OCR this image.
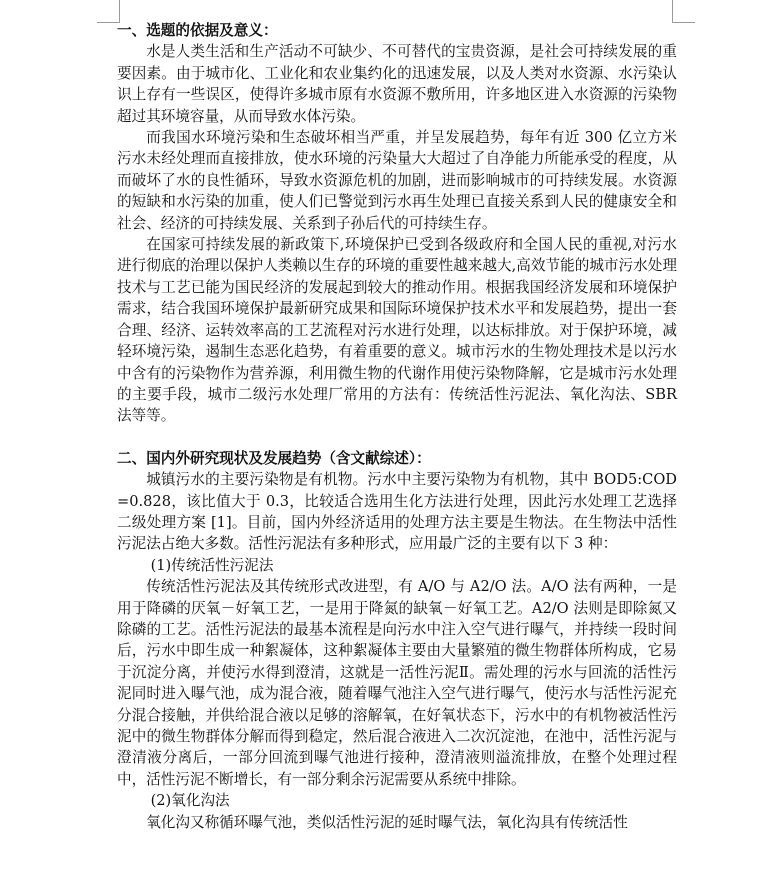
一、选题的依据及意义：

水是人类生活和生产活动不可缺少、不可替代的宝贵资源，是社会可持续发展的重要因素。由于城市化、工业化和农业集约化的迅速发展，以及人类对水资源、水污染认识上存有一些误区，使得许多城市原有水资源不敷所用，许多地区进入水资源的污染物超过其环境容量，从而导致水体污染。

而我国水环境污染和生态破坏相当严重，并呈发展趋势，每年有近 300 亿立方米污水未经处理而直接排放，使水环境的污染量大大超过了自净能力所能承受的程度，从而破坏了水的良性循环，导致水资源危机的加剧，进而影响城市的可持续发展。水资源的短缺和水污染的加重，使人们已警觉到污水再生处理已直接关系到人民的健康安全和社会、经济的可持续发展、关系到子孙后代的可持续生存。

在国家可持续发展的新政策下,环境保护已受到各级政府和全国人民的重视,对污水进行彻底的治理以保护人类赖以生存的环境的重要性越来越大,高效节能的城市污水处理技术与工艺已能为国民经济的发展起到较大的推动作用。根据我国经济发展和环境保护需求，结合我国环境保护最新研究成果和国际环境保护技术水平和发展趋势，提出一套合理、经济、运转效率高的工艺流程对污水进行处理，以达标排放。对于保护环境，减轻环境污染，遏制生态恶化趋势，有着重要的意义。城市污水的生物处理技术是以污水中含有的污染物作为营养源，利用微生物的代谢作用使污染物降解，它是城市污水处理的主要手段，城市二级污水处理厂常用的方法有：传统活性污泥法、氧化沟法、SBR 法等等。

二、国内外研究现状及发展趋势（含文献综述）：

城镇污水的主要污染物是有机物。污水中主要污染物为有机物，其中 BOD5:COD=0.828，该比值大于 0.3，比较适合选用生化方法进行处理，因此污水处理工艺选择二级处理方案 [1]。目前，国内外经济适用的处理方法主要是生物法。在生物法中活性污泥法占绝大多数。活性污泥法有多种形式，应用最广泛的主要有以下 3 种：

(1)传统活性污泥法

传统活性污泥法及其传统形式改进型，有 A/O 与 A2/O 法。A/O 法有两种，一是用于降磷的厌氧－好氧工艺，一是用于降氮的缺氧－好氧工艺。A2/O 法则是即除氮又除磷的工艺。活性污泥法的最基本流程是向污水中注入空气进行曝气，并持续一段时间后，污水中即生成一种絮凝体，这种絮凝体主要由大量繁殖的微生物群体所构成，它易于沉淀分离，并使污水得到澄清，这就是一活性污泥Ⅱ。需处理的污水与回流的活性污泥同时进入曝气池，成为混合液，随着曝气池注入空气进行曝气，使污水与活性污泥充分混合接触，并供给混合液以足够的溶解氧，在好氧状态下，污水中的有机物被活性污泥中的微生物群体分解而得到稳定，然后混合液进入二次沉淀池，在池中，活性污泥与澄清液分离后，一部分回流到曝气池进行接种，澄清液则溢流排放，在整个处理过程中，活性污泥不断增长，有一部分剩余污泥需要从系统中排除。

(2)氧化沟法

氧化沟又称循环曝气池，类似活性污泥的延时曝气法，氧化沟具有传统活性
